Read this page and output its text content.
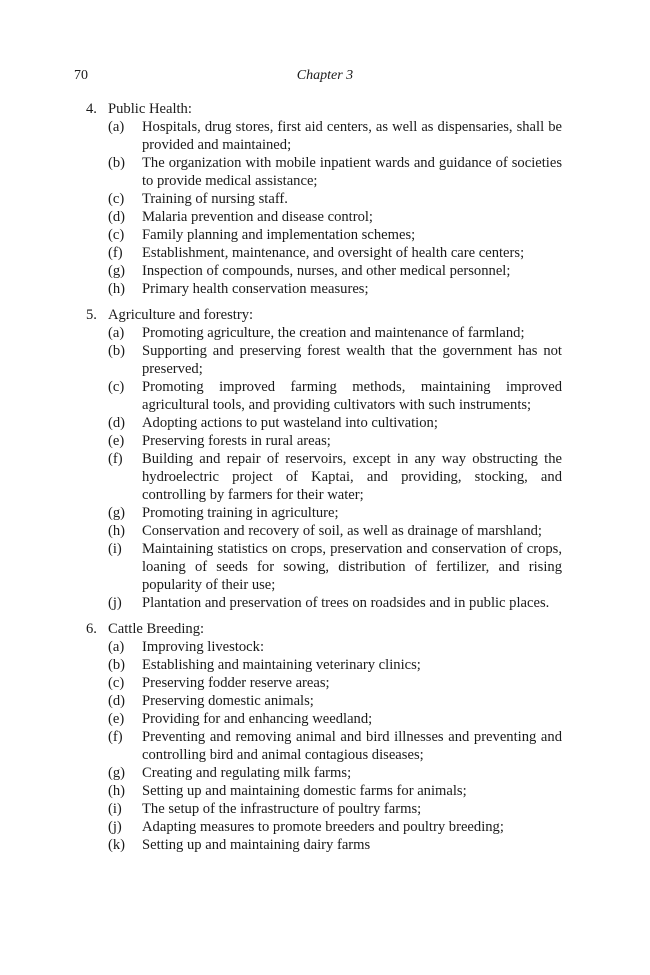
70	Chapter 3
4. Public Health:
(a)	Hospitals, drug stores, first aid centers, as well as dispensaries, shall be provided and maintained;
(b)	The organization with mobile inpatient wards and guidance of societies to provide medical assistance;
(c)	Training of nursing staff.
(d)	Malaria prevention and disease control;
(c)	Family planning and implementation schemes;
(f)	Establishment, maintenance, and oversight of health care centers;
(g)	Inspection of compounds, nurses, and other medical personnel;
(h)	Primary health conservation measures;
5. Agriculture and forestry:
(a)	Promoting agriculture, the creation and maintenance of farmland;
(b)	Supporting and preserving forest wealth that the government has not preserved;
(c)	Promoting improved farming methods, maintaining improved agricultural tools, and providing cultivators with such instruments;
(d)	Adopting actions to put wasteland into cultivation;
(e)	Preserving forests in rural areas;
(f)	Building and repair of reservoirs, except in any way obstructing the hydroelectric project of Kaptai, and providing, stocking, and controlling by farmers for their water;
(g)	Promoting training in agriculture;
(h)	Conservation and recovery of soil, as well as drainage of marshland;
(i)	Maintaining statistics on crops, preservation and conservation of crops, loaning of seeds for sowing, distribution of fertilizer, and rising popularity of their use;
(j)	Plantation and preservation of trees on roadsides and in public places.
6. Cattle Breeding:
(a)	Improving livestock:
(b)	Establishing and maintaining veterinary clinics;
(c)	Preserving fodder reserve areas;
(d)	Preserving domestic animals;
(e)	Providing for and enhancing weedland;
(f)	Preventing and removing animal and bird illnesses and preventing and controlling bird and animal contagious diseases;
(g)	Creating and regulating milk farms;
(h)	Setting up and maintaining domestic farms for animals;
(i)	The setup of the infrastructure of poultry farms;
(j)	Adapting measures to promote breeders and poultry breeding;
(k)	Setting up and maintaining dairy farms
